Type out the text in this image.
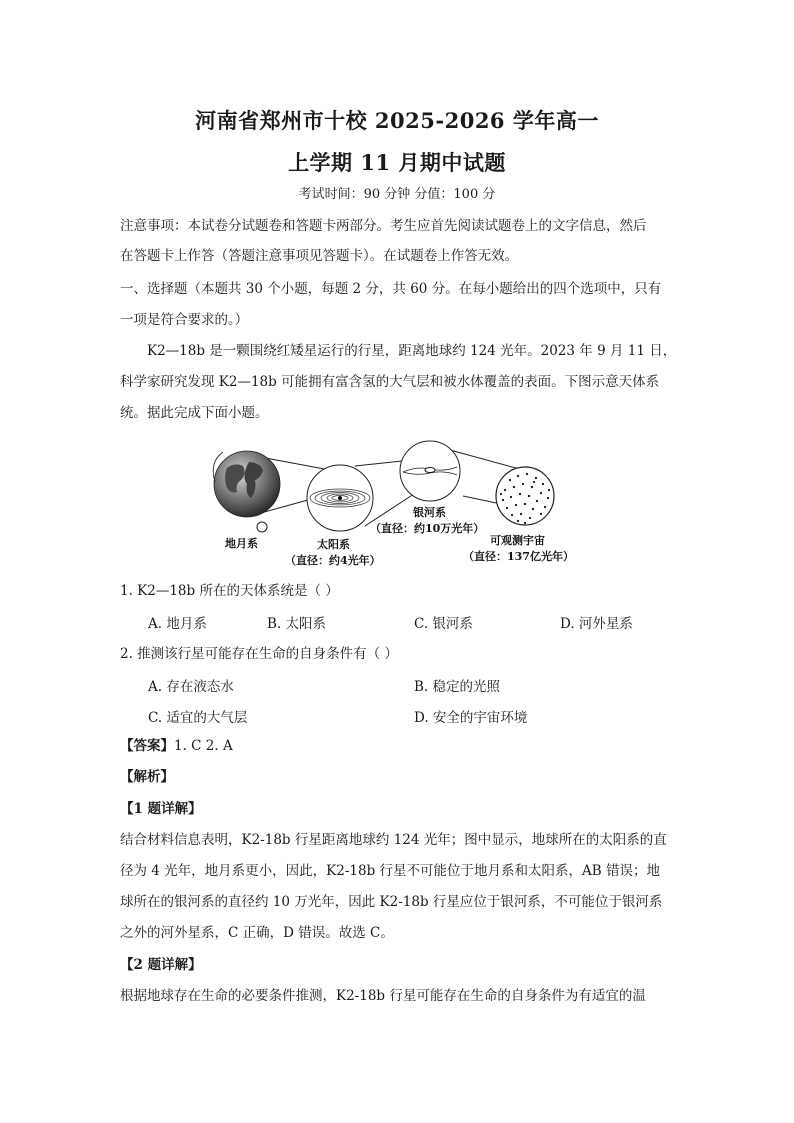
河南省郑州市十校 2025-2026 学年高一
上学期 11 月期中试题
考试时间：90 分钟 分值：100 分
注意事项：本试卷分试题卷和答题卡两部分。考生应首先阅读试题卷上的文字信息，然后
在答题卡上作答（答题注意事项见答题卡）。在试题卷上作答无效。
一、选择题（本题共 30 个小题，每题 2 分，共 60 分。在每小题给出的四个选项中，只有
一项是符合要求的。）
K2—18b 是一颗围绕红矮星运行的行星，距离地球约 124 光年。2023 年 9 月 11 日，
科学家研究发现 K2—18b 可能拥有富含氢的大气层和被水体覆盖的表面。下图示意天体系
统。据此完成下面小题。
地月系	太阳系
（直径：约4光年）
银河系
（直径：约10万光年）
可观测宇宙
（直径：137亿光年）
1. K2—18b 所在的天体系统是（ ）
A. 地月系	B. 太阳系	C. 银河系	D. 河外星系
2. 推测该行星可能存在生命的自身条件有（ ）
A. 存在液态水	B. 稳定的光照
C. 适宜的大气层	D. 安全的宇宙环境
【答案】1. C 2. A
【解析】
【1 题详解】
结合材料信息表明，K2-18b 行星距离地球约 124 光年；图中显示，地球所在的太阳系的直
径为 4 光年，地月系更小，因此，K2-18b 行星不可能位于地月系和太阳系，AB 错误；地
球所在的银河系的直径约 10 万光年，因此 K2-18b 行星应位于银河系，不可能位于银河系
之外的河外星系，C 正确，D 错误。故选 C。
【2 题详解】
根据地球存在生命的必要条件推测，K2-18b 行星可能存在生命的自身条件为有适宜的温
